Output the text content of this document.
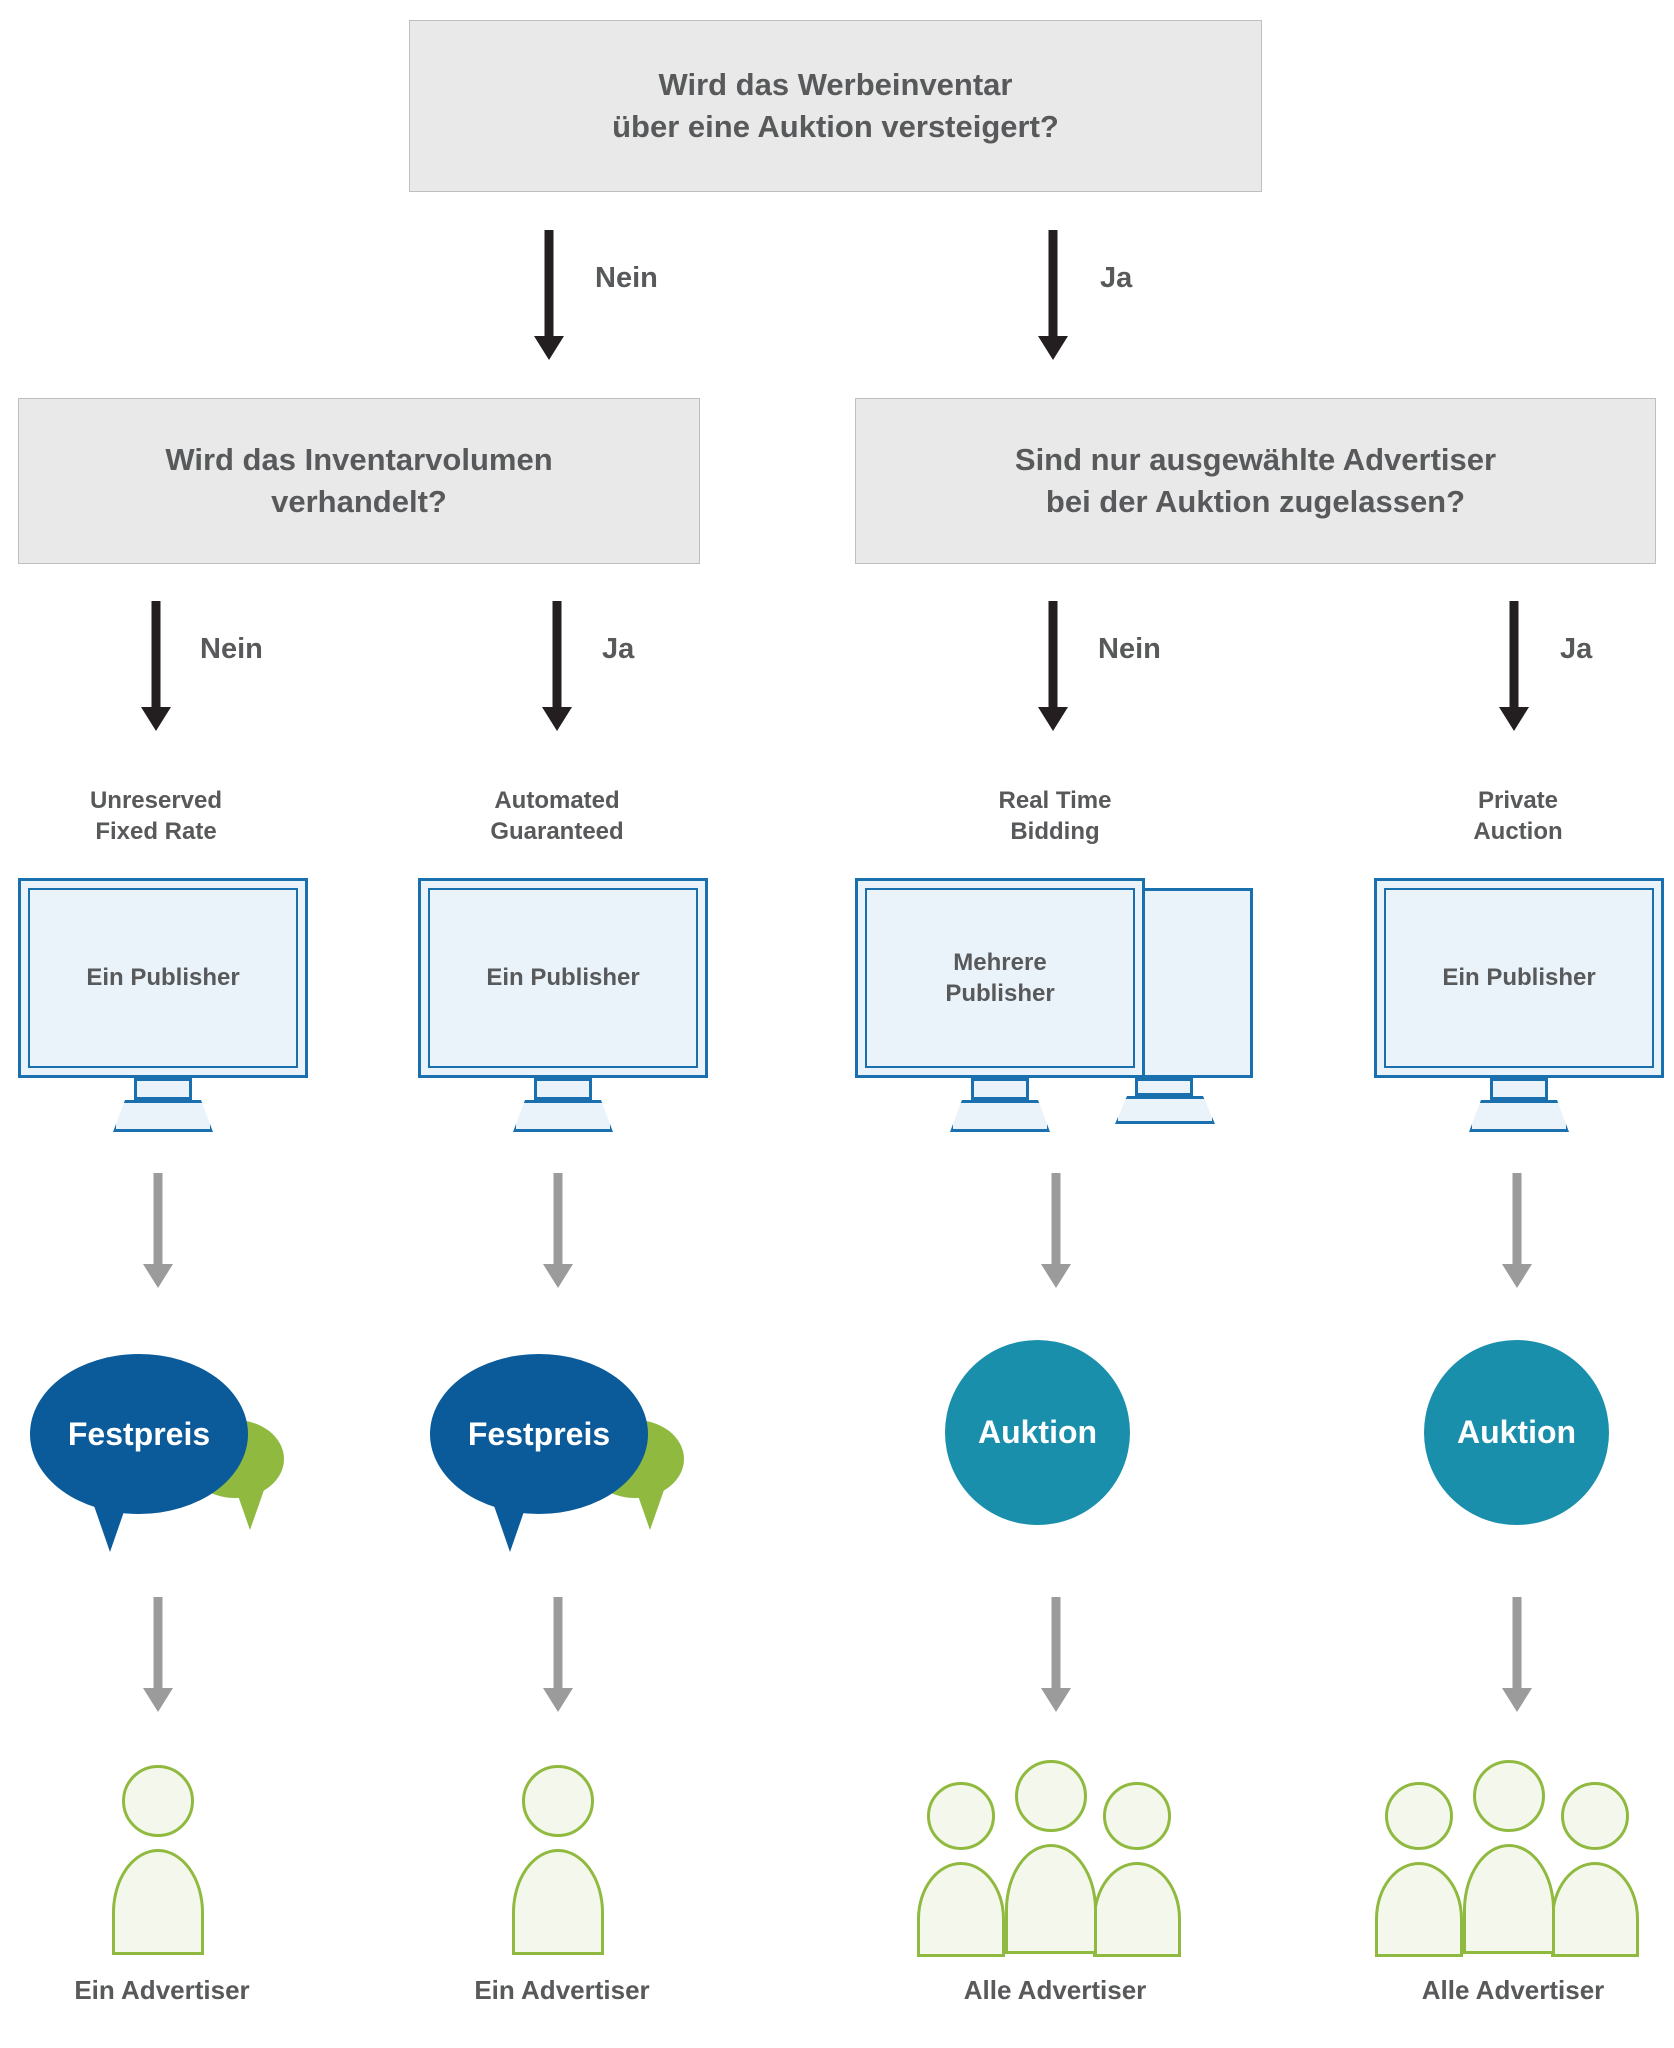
Wird das Werbeinventar
über eine Auktion versteigert?
Nein	Ja
Wird das Inventarvolumen
verhandelt?
Sind nur ausgewählte Advertiser
bei der Auktion zugelassen?
Nein	Ja	Nein	Ja
Unreserved
Fixed Rate
Ein Publisher
Festpreis
Ein Advertiser
Automated
Guaranteed
Ein Publisher
Festpreis
Ein Advertiser
Real Time
Bidding
Mehrere
Publisher
Auktion
Alle Advertiser
Private
Auction
Ein Publisher
Auktion
Alle Advertiser
